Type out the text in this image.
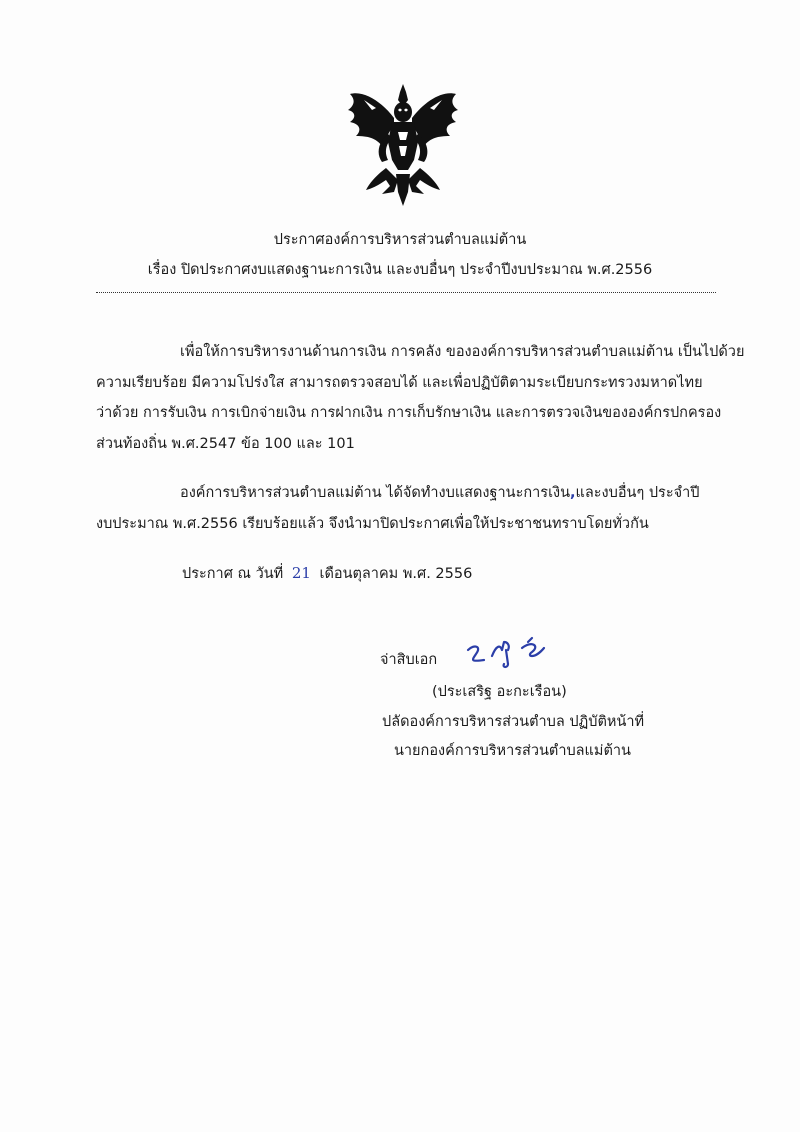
ประกาศองค์การบริหารส่วนตำบลแม่ต้าน
เรื่อง ปิดประกาศงบแสดงฐานะการเงิน และงบอื่นๆ ประจำปีงบประมาณ พ.ศ.2556
เพื่อให้การบริหารงานด้านการเงิน การคลัง ขององค์การบริหารส่วนตำบลแม่ต้าน เป็นไปด้วย
ความเรียบร้อย มีความโปร่งใส สามารถตรวจสอบได้ และเพื่อปฏิบัติตามระเบียบกระทรวงมหาดไทย
ว่าด้วย การรับเงิน การเบิกจ่ายเงิน การฝากเงิน การเก็บรักษาเงิน และการตรวจเงินขององค์กรปกครอง
ส่วนท้องถิ่น พ.ศ.2547 ข้อ 100 และ 101
องค์การบริหารส่วนตำบลแม่ต้าน ได้จัดทำงบแสดงฐานะการเงิน,และงบอื่นๆ ประจำปี
งบประมาณ พ.ศ.2556 เรียบร้อยแล้ว จึงนำมาปิดประกาศเพื่อให้ประชาชนทราบโดยทั่วกัน
ประกาศ ณ วันที่ 21 เดือนตุลาคม พ.ศ. 2556
จ่าสิบเอก
(ประเสริฐ อะกะเรือน)
ปลัดองค์การบริหารส่วนตำบล ปฏิบัติหน้าที่
นายกองค์การบริหารส่วนตำบลแม่ต้าน
